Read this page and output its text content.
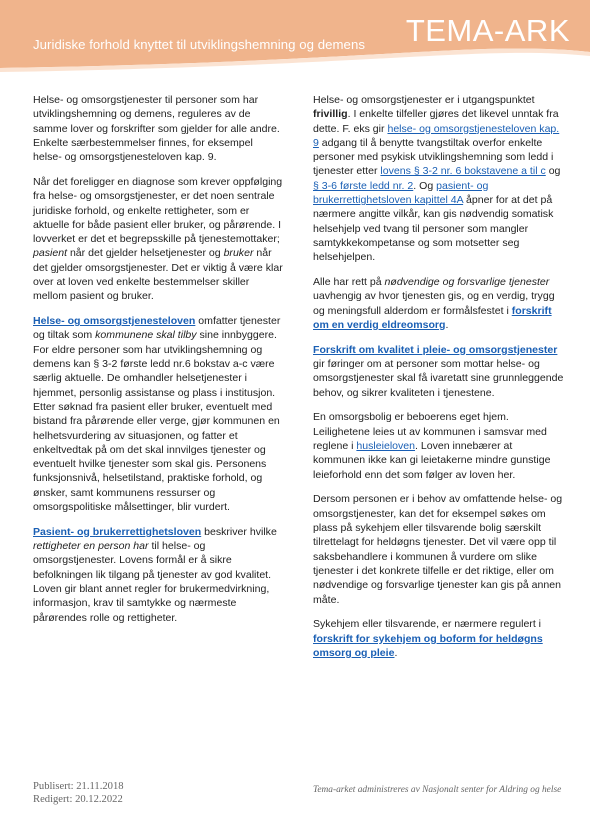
Juridiske forhold knyttet til utviklingshemning og demens TEMA-ARK

Helse- og omsorgstjenester til personer som har utviklingshemning og demens, reguleres av de samme lover og forskrifter som gjelder for alle andre. Enkelte særbestemmelser finnes, for eksempel helse- og omsorgstjenesteloven kap. 9.

Når det foreligger en diagnose som krever oppfølging fra helse- og omsorgstjenester, er det noen sentrale juridiske forhold, og enkelte rettigheter, som er aktuelle for både pasient eller bruker, og pårørende. I lovverket er det et begrepsskille på tjenestemottaker; pasient når det gjelder helsetjenester og bruker når det gjelder omsorgstjenester. Det er viktig å være klar over at loven ved enkelte bestemmelser skiller mellom pasient og bruker.

Helse- og omsorgstjenesteloven omfatter tjenester og tiltak som kommunene skal tilby sine innbyggere. For eldre personer som har utviklingshemning og demens kan § 3-2 første ledd nr.6 bokstav a-c være særlig aktuelle. De omhandler helsetjenester i hjemmet, personlig assistanse og plass i institusjon. Etter søknad fra pasient eller bruker, eventuelt med bistand fra pårørende eller verge, gjør kommunen en helhetsvurdering av situasjonen, og fatter et enkeltvedtak på om det skal innvilges tjenester og eventuelt hvilke tjenester som skal gis. Personens funksjonsnivå, helsetilstand, praktiske forhold, og ønsker, samt kommunens ressurser og omsorgspolitiske målsettinger, blir vurdert.

Pasient- og brukerrettighetsloven beskriver hvilke rettigheter en person har til helse- og omsorgstjenester. Lovens formål er å sikre befolkningen lik tilgang på tjenester av god kvalitet. Loven gir blant annet regler for brukermedvirkning, informasjon, krav til samtykke og nærmeste pårørendes rolle og rettigheter.

Helse- og omsorgstjenester er i utgangspunktet frivillig. I enkelte tilfeller gjøres det likevel unntak fra dette. F. eks gir helse- og omsorgstjenesteloven kap. 9 adgang til å benytte tvangstiltak overfor enkelte personer med psykisk utviklingshemning som ledd i tjenester etter lovens § 3-2 nr. 6 bokstavene a til c og § 3-6 første ledd nr. 2. Og pasient- og brukerrettighetsloven kapittel 4A åpner for at det på nærmere angitte vilkår, kan gis nødvendig somatisk helsehjelp ved tvang til personer som mangler samtykkekompetanse og som motsetter seg helsehjelpen.

Alle har rett på nødvendige og forsvarlige tjenester uavhengig av hvor tjenesten gis, og en verdig, trygg og meningsfull alderdom er formålsfestet i forskrift om en verdig eldreomsorg.

Forskrift om kvalitet i pleie- og omsorgstjenester gir føringer om at personer som mottar helse- og omsorgstjenester skal få ivaretatt sine grunnleggende behov, og sikrer kvaliteten i tjenestene.

En omsorgsbolig er beboerens eget hjem. Leilighetene leies ut av kommunen i samsvar med reglene i husleieloven. Loven innebærer at kommunen ikke kan gi leietakerne mindre gunstige leieforhold enn det som følger av loven her.

Dersom personen er i behov av omfattende helse- og omsorgstjenester, kan det for eksempel søkes om plass på sykehjem eller tilsvarende bolig særskilt tilrettelagt for heldøgns tjenester. Det vil være opp til saksbehandlere i kommunen å vurdere om slike tjenester i det konkrete tilfelle er det riktige, eller om nødvendige og forsvarlige tjenester kan gis på annen måte.

Sykehjem eller tilsvarende, er nærmere regulert i forskrift for sykehjem og boform for heldøgns omsorg og pleie.

Publisert: 21.11.2018
Redigert: 20.12.2022
Tema-arket administreres av Nasjonalt senter for Aldring og helse
